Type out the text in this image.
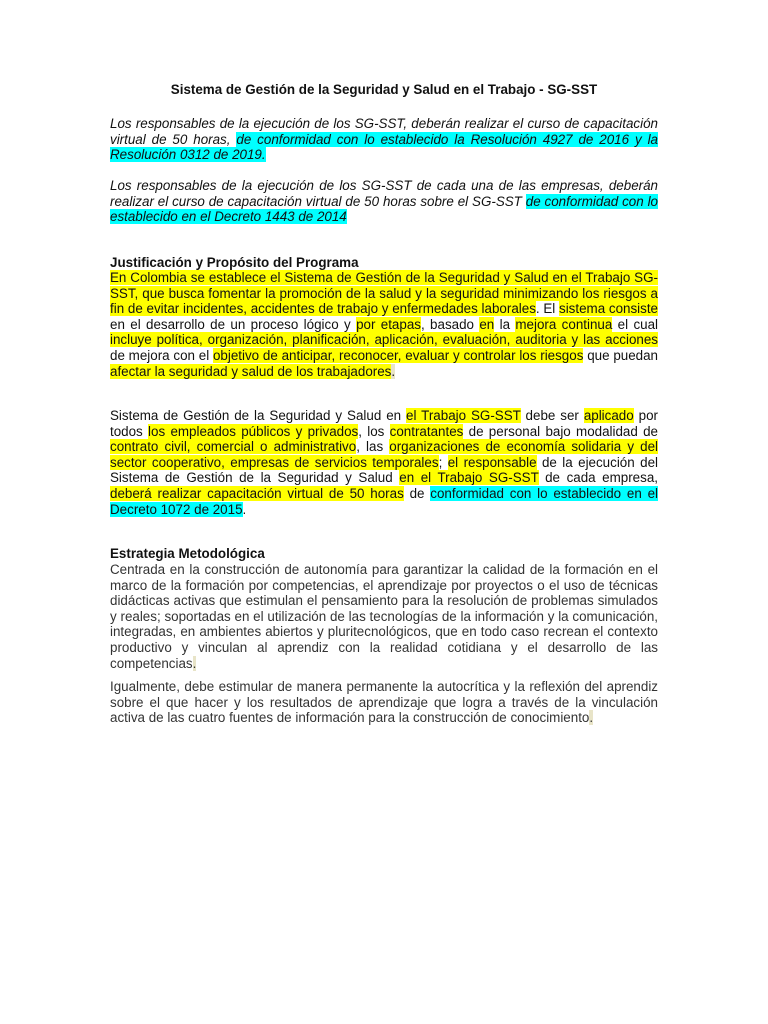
Sistema de Gestión de la Seguridad y Salud en el Trabajo - SG-SST

Los responsables de la ejecución de los SG-SST, deberán realizar el curso de capacitación virtual de 50 horas, de conformidad con lo establecido la Resolución 4927 de 2016 y la Resolución 0312 de 2019.

Los responsables de la ejecución de los SG-SST de cada una de las empresas, deberán realizar el curso de capacitación virtual de 50 horas sobre el SG-SST de conformidad con lo establecido en el Decreto 1443 de 2014

Justificación y Propósito del Programa

En Colombia se establece el Sistema de Gestión de la Seguridad y Salud en el Trabajo SG-SST, que busca fomentar la promoción de la salud y la seguridad minimizando los riesgos a fin de evitar incidentes, accidentes de trabajo y enfermedades laborales. El sistema consiste en el desarrollo de un proceso lógico y por etapas, basado en la mejora continua el cual incluye política, organización, planificación, aplicación, evaluación, auditoria y las acciones de mejora con el objetivo de anticipar, reconocer, evaluar y controlar los riesgos que puedan afectar la seguridad y salud de los trabajadores.

Sistema de Gestión de la Seguridad y Salud en el Trabajo SG-SST debe ser aplicado por todos los empleados públicos y privados, los contratantes de personal bajo modalidad de contrato civil, comercial o administrativo, las organizaciones de economía solidaria y del sector cooperativo, empresas de servicios temporales; el responsable de la ejecución del Sistema de Gestión de la Seguridad y Salud en el Trabajo SG-SST de cada empresa, deberá realizar capacitación virtual de 50 horas de conformidad con lo establecido en el Decreto 1072 de 2015.

Estrategia Metodológica

Centrada en la construcción de autonomía para garantizar la calidad de la formación en el marco de la formación por competencias, el aprendizaje por proyectos o el uso de técnicas didácticas activas que estimulan el pensamiento para la resolución de problemas simulados y reales; soportadas en el utilización de las tecnologías de la información y la comunicación, integradas, en ambientes abiertos y pluritecnológicos, que en todo caso recrean el contexto productivo y vinculan al aprendiz con la realidad cotidiana y el desarrollo de las competencias.

Igualmente, debe estimular de manera permanente la autocrítica y la reflexión del aprendiz sobre el que hacer y los resultados de aprendizaje que logra a través de la vinculación activa de las cuatro fuentes de información para la construcción de conocimiento.
